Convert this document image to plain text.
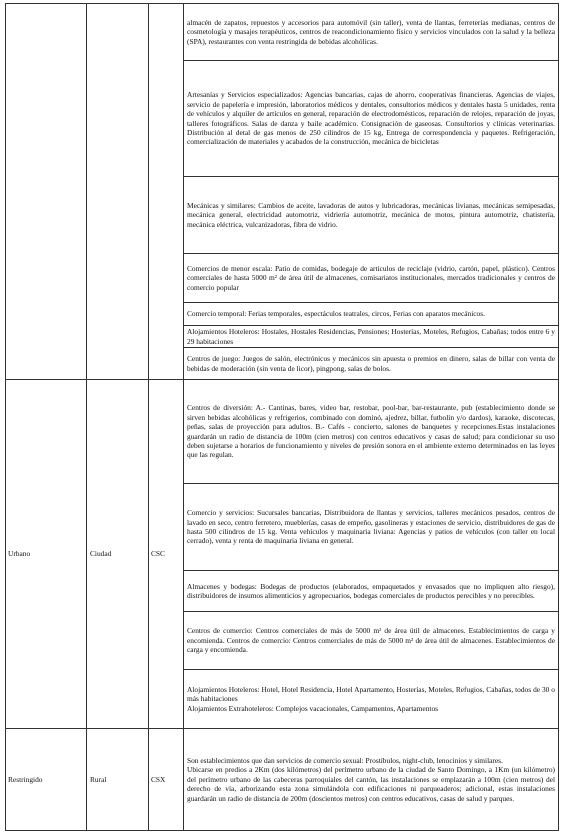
			almacén de zapatos, repuestos y accesorios para automóvil (sin taller), venta de llantas, ferreterías medianas, centros de cosmetología y masajes terapéuticos, centros de reacondicionamiento físico y servicios vinculados con la salud y la belleza (SPA), restaurantes con venta restringida de bebidas alcohólicas.

			Artesanías y Servicios especializados: Agencias bancarias, cajas de ahorro, cooperativas financieras. Agencias de viajes, servicio de papelería e impresión, laboratorios médicos y dentales, consultorios médicos y dentales hasta 5 unidades, renta de vehículos y alquiler de artículos en general, reparación de electrodomésticos, reparación de relojes, reparación de joyas, talleres fotográficos. Salas de danza y baile académico. Consignación de gaseosas. Consultorios y clínicas veterinarias. Distribución al detal de gas menos de 250 cilindros de 15 kg, Entrega de correspondencia y paquetes. Refrigeración, comercialización de materiales y acabados de la construcción, mecánica de bicicletas

			Mecánicas y similares: Cambios de aceite, lavadoras de autos y lubricadoras, mecánicas livianas, mecánicas semipesadas, mecánica general, electricidad automotriz, vidriería automotriz, mecánica de motos, pintura automotriz, chatistería, mecánica eléctrica, vulcanizadoras, fibra de vidrio.

			Comercios de menor escala: Patio de comidas, bodegaje de artículos de reciclaje (vidrio, cartón, papel, plástico). Centros comerciales de hasta 5000 m² de área útil de almacenes, comisariatos institucionales, mercados tradicionales y centros de comercio popular

			Comercio temporal: Ferias temporales, espectáculos teatrales, circos, Ferias con aparatos mecánicos.

			Alojamientos Hoteleros: Hostales, Hostales Residencias, Pensiones; Hosterías, Moteles, Refugios, Cabañas; todos entre 6 y 29 habitaciones

			Centros de juego: Juegos de salón, electrónicos y mecánicos sin apuesta o premios en dinero, salas de billar con venta de bebidas de moderación (sin venta de licor), pingpong, salas de bolos.

Urbano	Ciudad	CSC	Centros de diversión: A.- Cantinas, bares, video bar, restobar, pool-bar, bar-restaurante, pub (establecimiento donde se sirven bebidas alcohólicas y refrigerios, combinado con dominó, ajedrez, billar, futbolín y/o dardos), karaoke, discotecas, peñas, salas de proyección para adultos. B.- Cafés - concierto, salones de banquetes y recepciones.Estas instalaciones guardarán un radio de distancia de 100m (cien metros) con centros educativos y casas de salud; para condicionar su uso deben sujetarse a horarios de funcionamiento y niveles de presión sonora en el ambiente externo determinados en las leyes que las regulan.

			Comercio y servicios: Sucursales bancarias, Distribuidora de llantas y servicios, talleres mecánicos pesados, centros de lavado en seco, centro ferretero, mueblerías, casas de empeño, gasolineras y estaciones de servicio, distribuidores de gas de hasta 500 cilindros de 15 kg. Venta vehículos y maquinaria liviana: Agencias y patios de vehículos (con taller en local cerrado), venta y renta de maquinaria liviana en general.

			Almacenes y bodegas: Bodegas de productos (elaborados, empaquetados y envasados que no impliquen alto riesgo), distribuidores de insumos alimenticios y agropecuarios, bodegas comerciales de productos perecibles y no perecibles.

			Centros de comercio: Centros comerciales de más de 5000 m² de área útil de almacenes. Establecimientos de carga y encomienda. Centros de comercio: Centros comerciales de más de 5000 m² de área útil de almacenes. Establecimientos de carga y encomienda.

			Alojamientos Hoteleros: Hotel, Hotel Residencia, Hotel Apartamento, Hosterías, Moteles, Refugios, Cabañas, todos de 30 o más habitaciones
Alojamientos Extrahoteleros: Complejos vacacionales, Campamentos, Apartamentos

Restringido	Rural	CSX	Son establecimientos que dan servicios de comercio sexual: Prostíbulos, night-club, lenocinios y similares.
Ubicarse en predios a 2Km (dos kilómetros) del perímetro urbano de la ciudad de Santo Domingo, a 1Km (un kilómetro) del perímetro urbano de las cabeceras parroquiales del cantón, las instalaciones se emplazarán a 100m (cien metros) del derecho de vía, arborizando esta zona simulándola con edificaciones ni parqueaderos; adicional, estas instalaciones guardarán un radio de distancia de 200m (doscientos metros) con centros educativos, casas de salud y parques.
